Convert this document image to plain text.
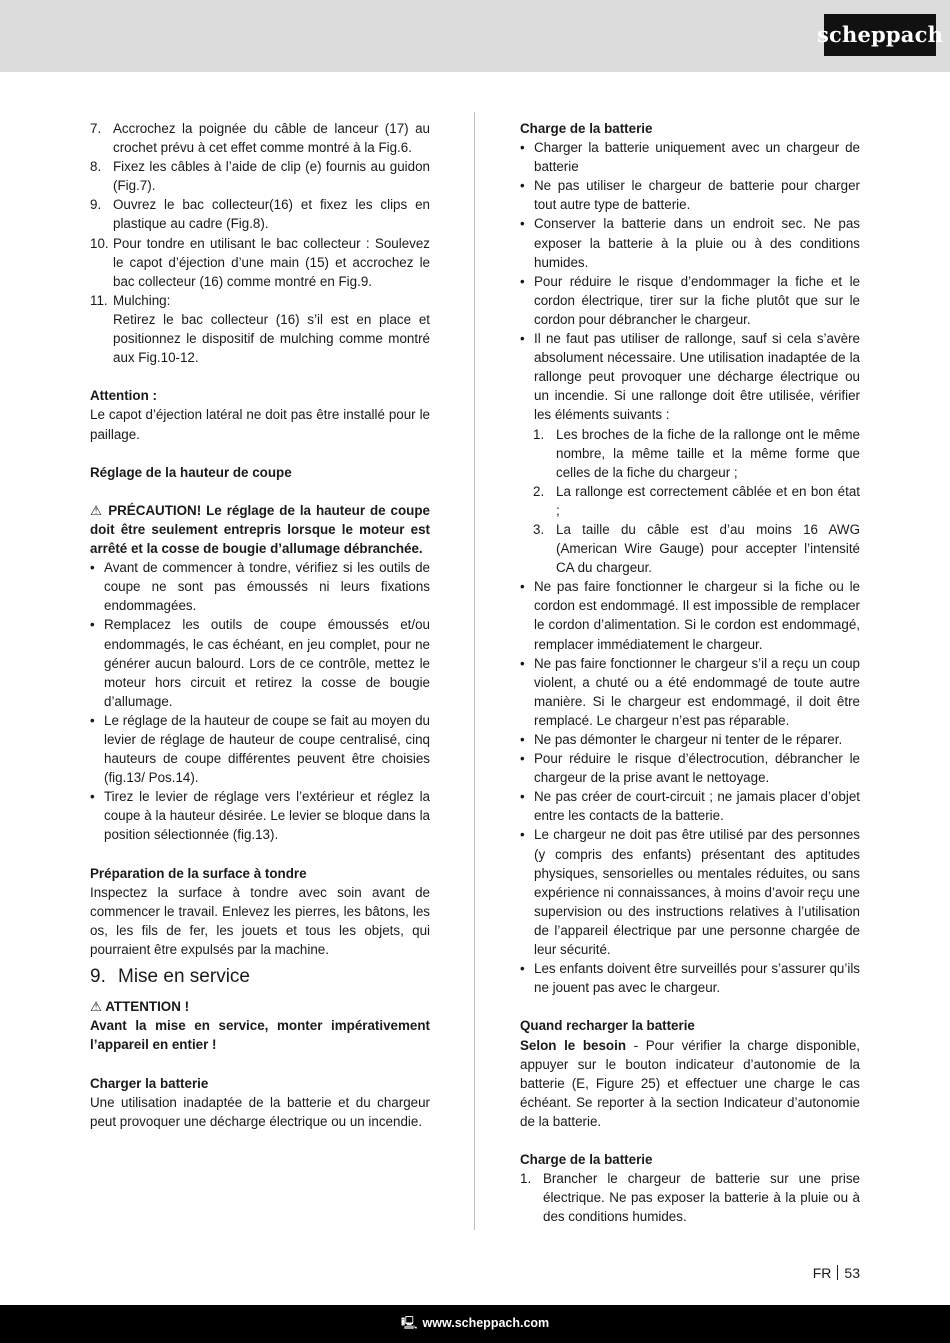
scheppach
7. Accrochez la poignée du câble de lanceur (17) au crochet prévu à cet effet comme montré à la Fig.6.
8. Fixez les câbles à l’aide de clip (e) fournis au guidon (Fig.7).
9. Ouvrez le bac collecteur(16) et fixez les clips en plastique au cadre (Fig.8).
10. Pour tondre en utilisant le bac collecteur : Soulevez le capot d’éjection d’une main (15) et accrochez le bac collecteur (16) comme montré en Fig.9.
11. Mulching:
Retirez le bac collecteur (16) s’il est en place et positionnez le dispositif de mulching comme montré aux Fig.10-12.

Attention :

Le capot d’éjection latéral ne doit pas être installé pour le paillage.

Réglage de la hauteur de coupe

⚠ PRÉCAUTION! Le réglage de la hauteur de coupe doit être seulement entrepris lorsque le moteur est arrêté et la cosse de bougie d’allumage débranchée.

• Avant de commencer à tondre, vérifiez si les outils de coupe ne sont pas émoussés ni leurs fixations endommagées.
• Remplacez les outils de coupe émoussés et/ou endommagés, le cas échéant, en jeu complet, pour ne générer aucun balourd. Lors de ce contrôle, mettez le moteur hors circuit et retirez la cosse de bougie d’allumage.
• Le réglage de la hauteur de coupe se fait au moyen du levier de réglage de hauteur de coupe centralisé, cinq hauteurs de coupe différentes peuvent être choisies (fig.13/ Pos.14).
• Tirez le levier de réglage vers l’extérieur et réglez la coupe à la hauteur désirée. Le levier se bloque dans la position sélectionnée (fig.13).

Préparation de la surface à tondre

Inspectez la surface à tondre avec soin avant de commencer le travail. Enlevez les pierres, les bâtons, les os, les fils de fer, les jouets et tous les objets, qui pourraient être expulsés par la machine.

9. Mise en service

⚠ ATTENTION !

Avant la mise en service, monter impérativement l’appareil en entier !

Charger la batterie

Une utilisation inadaptée de la batterie et du chargeur peut provoquer une décharge électrique ou un incendie.

Charge de la batterie

• Charger la batterie uniquement avec un chargeur de batterie
• Ne pas utiliser le chargeur de batterie pour charger tout autre type de batterie.
• Conserver la batterie dans un endroit sec. Ne pas exposer la batterie à la pluie ou à des conditions humides.
• Pour réduire le risque d’endommager la fiche et le cordon électrique, tirer sur la fiche plutôt que sur le cordon pour débrancher le chargeur.
• Il ne faut pas utiliser de rallonge, sauf si cela s’avère absolument nécessaire. Une utilisation inadaptée de la rallonge peut provoquer une décharge électrique ou un incendie. Si une rallonge doit être utilisée, vérifier les éléments suivants :
1. Les broches de la fiche de la rallonge ont le même nombre, la même taille et la même forme que celles de la fiche du chargeur ;
2. La rallonge est correctement câblée et en bon état ;
3. La taille du câble est d’au moins 16 AWG (American Wire Gauge) pour accepter l’intensité CA du chargeur.
• Ne pas faire fonctionner le chargeur si la fiche ou le cordon est endommagé. Il est impossible de remplacer le cordon d’alimentation. Si le cordon est endommagé, remplacer immédiatement le chargeur.
• Ne pas faire fonctionner le chargeur s’il a reçu un coup violent, a chuté ou a été endommagé de toute autre manière. Si le chargeur est endommagé, il doit être remplacé. Le chargeur n’est pas réparable.
• Ne pas démonter le chargeur ni tenter de le réparer.
• Pour réduire le risque d’électrocution, débrancher le chargeur de la prise avant le nettoyage.
• Ne pas créer de court-circuit ; ne jamais placer d’objet entre les contacts de la batterie.
• Le chargeur ne doit pas être utilisé par des personnes (y compris des enfants) présentant des aptitudes physiques, sensorielles ou mentales réduites, ou sans expérience ni connaissances, à moins d’avoir reçu une supervision ou des instructions relatives à l’utilisation de l’appareil électrique par une personne chargée de leur sécurité.
• Les enfants doivent être surveillés pour s’assurer qu’ils ne jouent pas avec le chargeur.

Quand recharger la batterie

Selon le besoin - Pour vérifier la charge disponible, appuyer sur le bouton indicateur d’autonomie de la batterie (E, Figure 25) et effectuer une charge le cas échéant. Se reporter à la section Indicateur d’autonomie de la batterie.

Charge de la batterie

1. Brancher le chargeur de batterie sur une prise électrique. Ne pas exposer la batterie à la pluie ou à des conditions humides.
FR 53
🖳 www.scheppach.com
